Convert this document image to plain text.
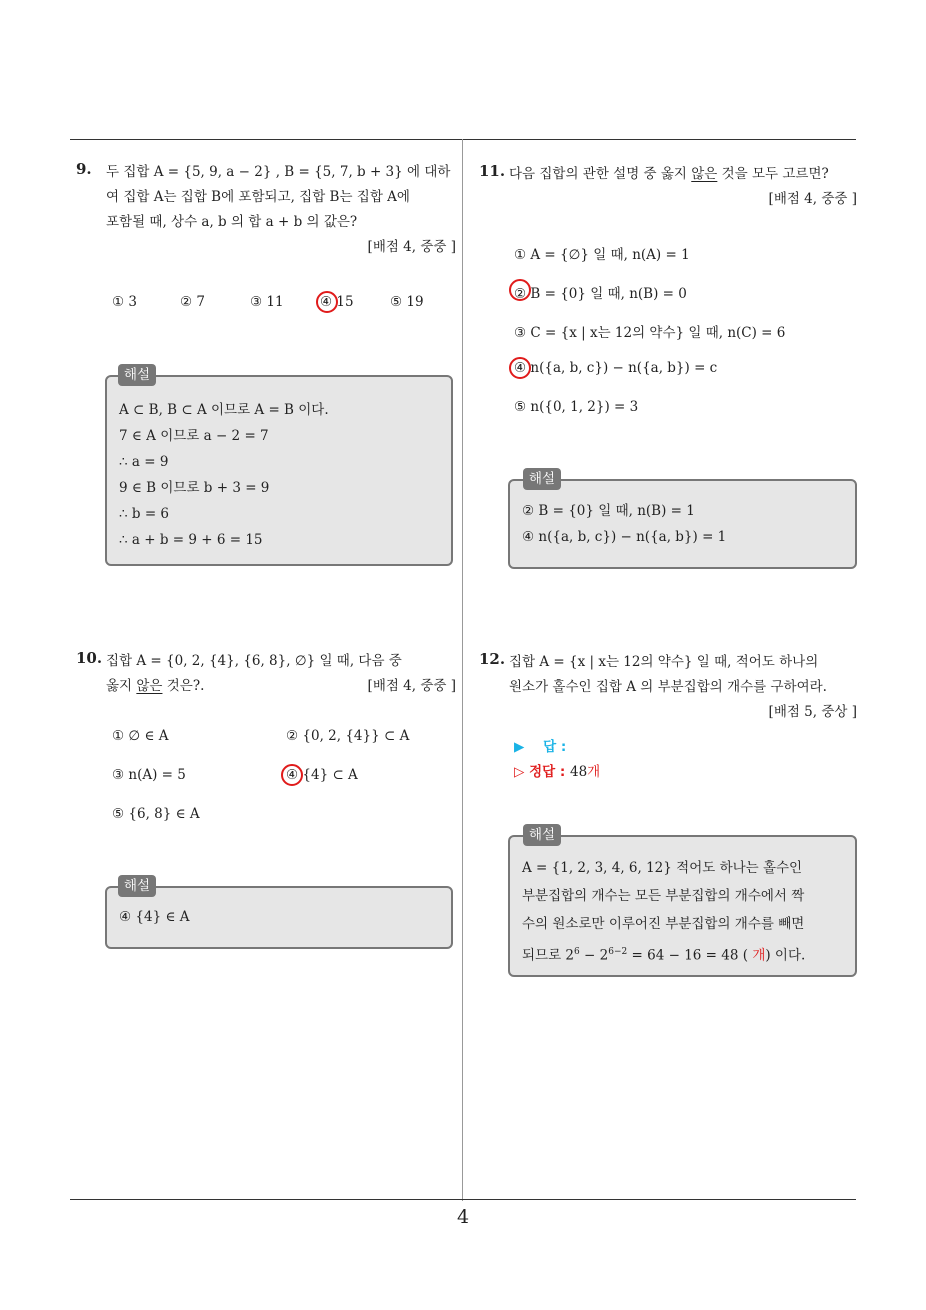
9. 두 집합 A = {5, 9, a − 2} , B = {5, 7, b + 3} 에 대하
여 집합 A는 집합 B에 포함되고, 집합 B는 집합 A에
포함될 때, 상수 a, b 의 합 a + b 의 값은?
[배점 4, 중중 ]
① 3	② 7	③ 11	④ 15	⑤ 19
A ⊂ B, B ⊂ A 이므로 A = B 이다.
7 ∈ A 이므로 a − 2 = 7
∴ a = 9
9 ∈ B 이므로 b + 3 = 9
∴ b = 6
∴ a + b = 9 + 6 = 15
해설
10. 집합 A = {0, 2, {4}, {6, 8}, ∅} 일 때, 다음 중
옳지 않은 것은?.	[배점 4, 중중 ]
① ∅ ∈ A	② {0, 2, {4}} ⊂ A
③ n(A) = 5	④ {4} ⊂ A
⑤ {6, 8} ∈ A
④ {4} ∈ A
해설
11. 다음 집합의 관한 설명 중 옳지 않은 것을 모두 고르면?
[배점 4, 중중 ]
① A = {∅} 일 때, n(A) = 1
② B = {0} 일 때, n(B) = 0
③ C = {x | x는 12의 약수} 일 때, n(C) = 6
④ n({a, b, c}) − n({a, b}) = c
⑤ n({0, 1, 2}) = 3
② B = {0} 일 때, n(B) = 1
④ n({a, b, c}) − n({a, b}) = 1
해설
12. 집합 A = {x | x는 12의 약수} 일 때, 적어도 하나의
원소가 홀수인 집합 A 의 부분집합의 개수를 구하여라.
[배점 5, 중상 ]
▶ 답 :
▷ 정답 : 48개
A = {1, 2, 3, 4, 6, 12} 적어도 하나는 홀수인
부분집합의 개수는 모든 부분집합의 개수에서 짝
수의 원소로만 이루어진 부분집합의 개수를 빼면
되므로 $2^6 - 2^{6-2} = 64 - 16 = 48$ ( 개) 이다.
해설
4
